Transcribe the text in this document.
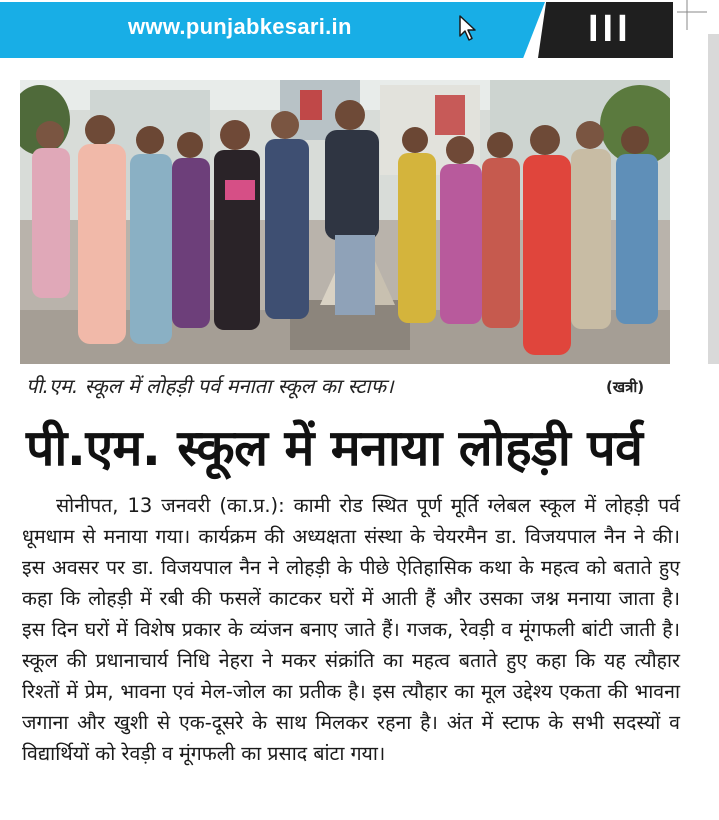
www.punjabkesari.in	III
पी.एम. स्कूल में लोहड़ी पर्व मनाता स्कूल का स्टाफ।	(खत्री)
पी.एम. स्कूल में मनाया लोहड़ी पर्व
सोनीपत, 13 जनवरी (का.प्र.): कामी रोड स्थित पूर्ण मूर्ति ग्लेबल स्कूल में लोहड़ी पर्व धूमधाम से मनाया गया। कार्यक्रम की अध्यक्षता संस्था के चेयरमैन डा. विजयपाल नैन ने की। इस अवसर पर डा. विजयपाल नैन ने लोहड़ी के पीछे ऐतिहासिक कथा के महत्व को बताते हुए कहा कि लोहड़ी में रबी की फसलें काटकर घरों में आती हैं और उसका जश्न मनाया जाता है। इस दिन घरों में विशेष प्रकार के व्यंजन बनाए जाते हैं। गजक, रेवड़ी व मूंगफली बांटी जाती है। स्कूल की प्रधानाचार्य निधि नेहरा ने मकर संक्रांति का महत्व बताते हुए कहा कि यह त्यौहार रिश्तों में प्रेम, भावना एवं मेल-जोल का प्रतीक है। इस त्यौहार का मूल उद्देश्य एकता की भावना जगाना और खुशी से एक-दूसरे के साथ मिलकर रहना है। अंत में स्टाफ के सभी सदस्यों व विद्यार्थियों को रेवड़ी व मूंगफली का प्रसाद बांटा गया।
